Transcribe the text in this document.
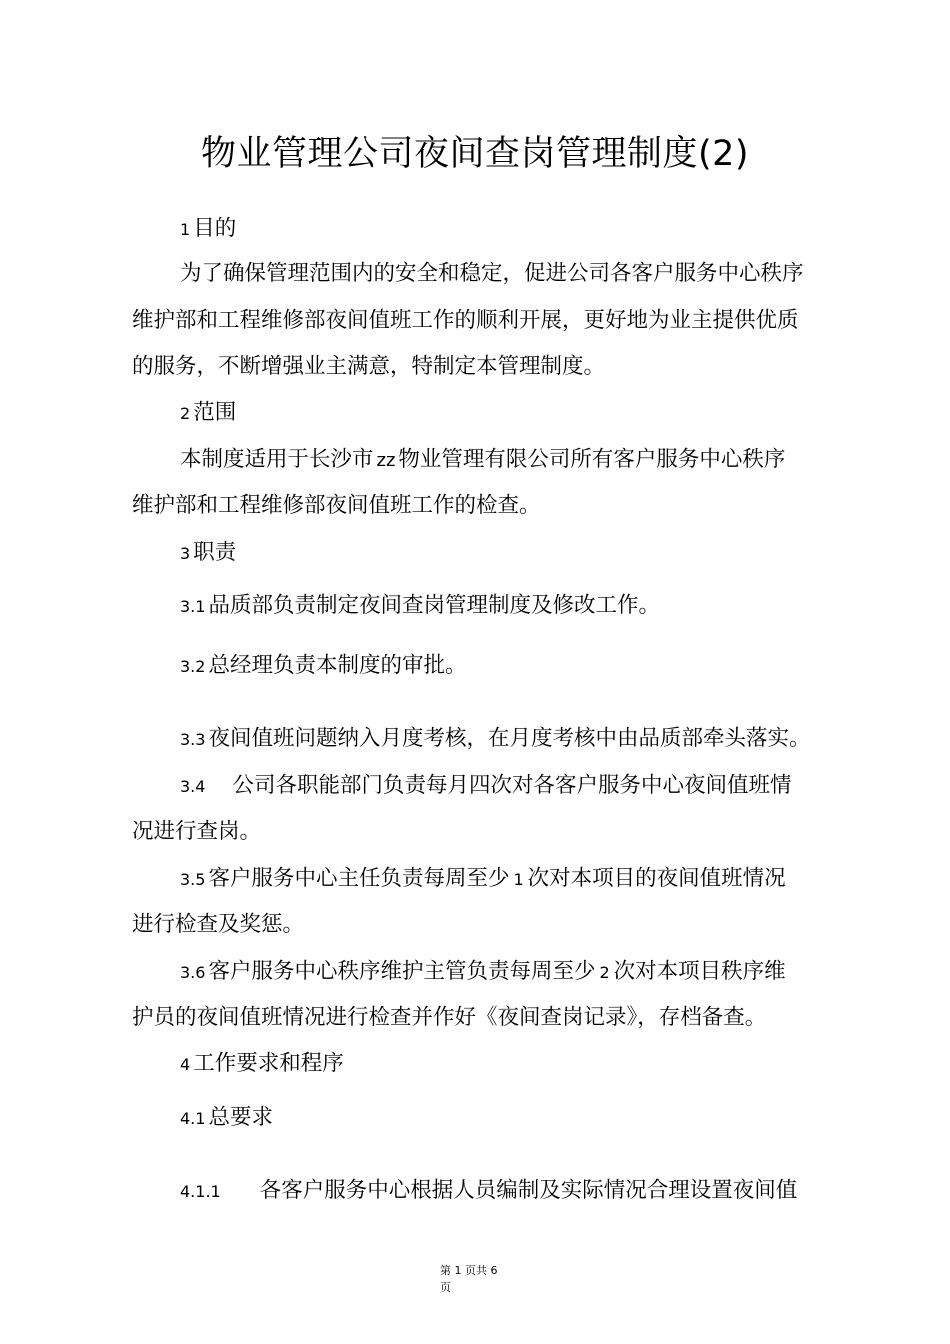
物业管理公司夜间查岗管理制度(2)
1 目的
为了确保管理范围内的安全和稳定，促进公司各客户服务中心秩序
维护部和工程维修部夜间值班工作的顺利开展，更好地为业主提供优质
的服务，不断增强业主满意，特制定本管理制度。
2 范围
本制度适用于长沙市 zz 物业管理有限公司所有客户服务中心秩序
维护部和工程维修部夜间值班工作的检查。
3 职责
3.1 品质部负责制定夜间查岗管理制度及修改工作。
3.2 总经理负责本制度的审批。
3.3 夜间值班问题纳入月度考核，在月度考核中由品质部牵头落实。
3.4 公司各职能部门负责每月四次对各客户服务中心夜间值班情
况进行查岗。
3.5 客户服务中心主任负责每周至少 1 次对本项目的夜间值班情况
进行检查及奖惩。
3.6 客户服务中心秩序维护主管负责每周至少 2 次对本项目秩序维
护员的夜间值班情况进行检查并作好《夜间查岗记录》，存档备查。
4 工作要求和程序
4.1 总要求
4.1.1 各客户服务中心根据人员编制及实际情况合理设置夜间值
第 1 页共 6
页
